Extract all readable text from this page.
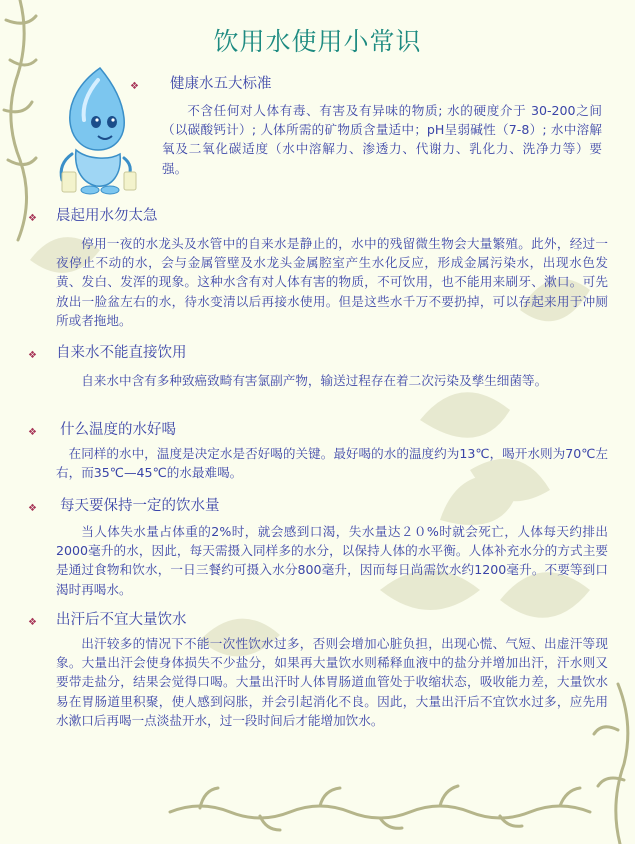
饮用水使用小常识
❖ 健康水五大标准
不含任何对人体有毒、有害及有异味的物质; 水的硬度介于 30-200之间（以碳酸钙计）; 人体所需的矿物质含量适中；pH呈弱碱性（7-8）; 水中溶解氧及二氧化碳适度（水中溶解力、渗透力、代谢力、乳化力、洗净力等）要强。
❖ 晨起用水勿太急
停用一夜的水龙头及水管中的自来水是静止的，水中的残留微生物会大量繁殖。此外，经过一夜停止不动的水，会与金属管壁及水龙头金属腔室产生水化反应，形成金属污染水，出现水色发黄、发白、发浑的现象。这种水含有对人体有害的物质，不可饮用，也不能用来刷牙、漱口。可先放出一脸盆左右的水，待水变清以后再接水使用。但是这些水千万不要扔掉，可以存起来用于冲厕所或者拖地。
❖ 自来水不能直接饮用
自来水中含有多种致癌致畸有害氯副产物，输送过程存在着二次污染及孳生细菌等。
❖ 什么温度的水好喝
在同样的水中，温度是决定水是否好喝的关键。最好喝的水的温度约为13℃，喝开水则为70℃左右，而35℃—45℃的水最难喝。
❖ 每天要保持一定的饮水量
当人体失水量占体重的2%时，就会感到口渴，失水量达２０%时就会死亡，人体每天约排出2000毫升的水，因此，每天需摄入同样多的水分，以保持人体的水平衡。人体补充水分的方式主要是通过食物和饮水，一日三餐约可摄入水分800毫升，因而每日尚需饮水约1200毫升。不要等到口渴时再喝水。
❖ 出汗后不宜大量饮水
出汗较多的情况下不能一次性饮水过多，否则会增加心脏负担，出现心慌、气短、出虚汗等现象。大量出汗会使身体损失不少盐分，如果再大量饮水则稀释血液中的盐分并增加出汗，汗水则又要带走盐分，结果会觉得口喝。大量出汗时人体胃肠道血管处于收缩状态，吸收能力差，大量饮水易在胃肠道里积聚，使人感到闷胀，并会引起消化不良。因此，大量出汗后不宜饮水过多，应先用水漱口后再喝一点淡盐开水，过一段时间后才能增加饮水。
